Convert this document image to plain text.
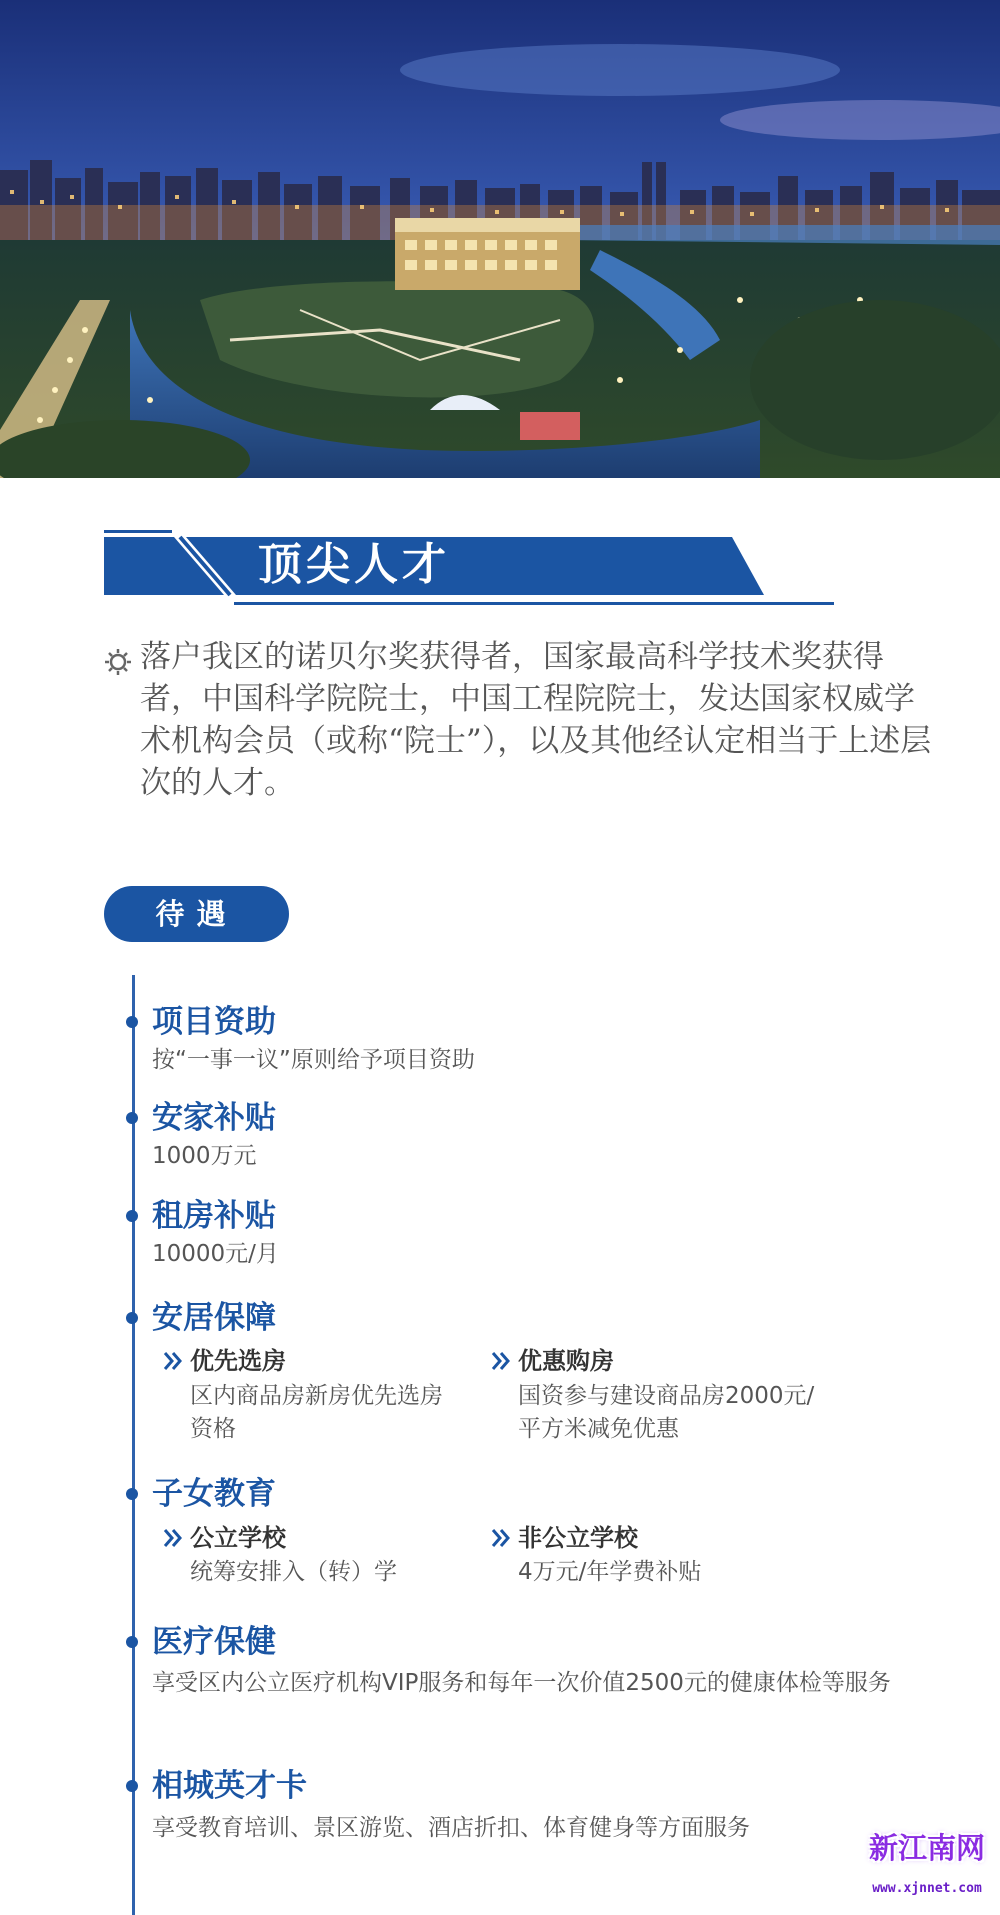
顶尖人才
落户我区的诺贝尔奖获得者，国家最高科学技术奖获得者，中国科学院院士，中国工程院院士，发达国家权威学术机构会员（或称“院士”），以及其他经认定相当于上述层次的人才。
待遇
项目资助
按“一事一议”原则给予项目资助
安家补贴
1000万元
租房补贴
10000元/月
安居保障
优先选房
区内商品房新房优先选房资格
优惠购房
国资参与建设商品房2000元/平方米减免优惠
子女教育
公立学校
统筹安排入（转）学
非公立学校
4万元/年学费补贴
医疗保健
享受区内公立医疗机构VIP服务和每年一次价值2500元的健康体检等服务
相城英才卡
享受教育培训、景区游览、酒店折扣、体育健身等方面服务
新江南网
www.xjnnet.com
